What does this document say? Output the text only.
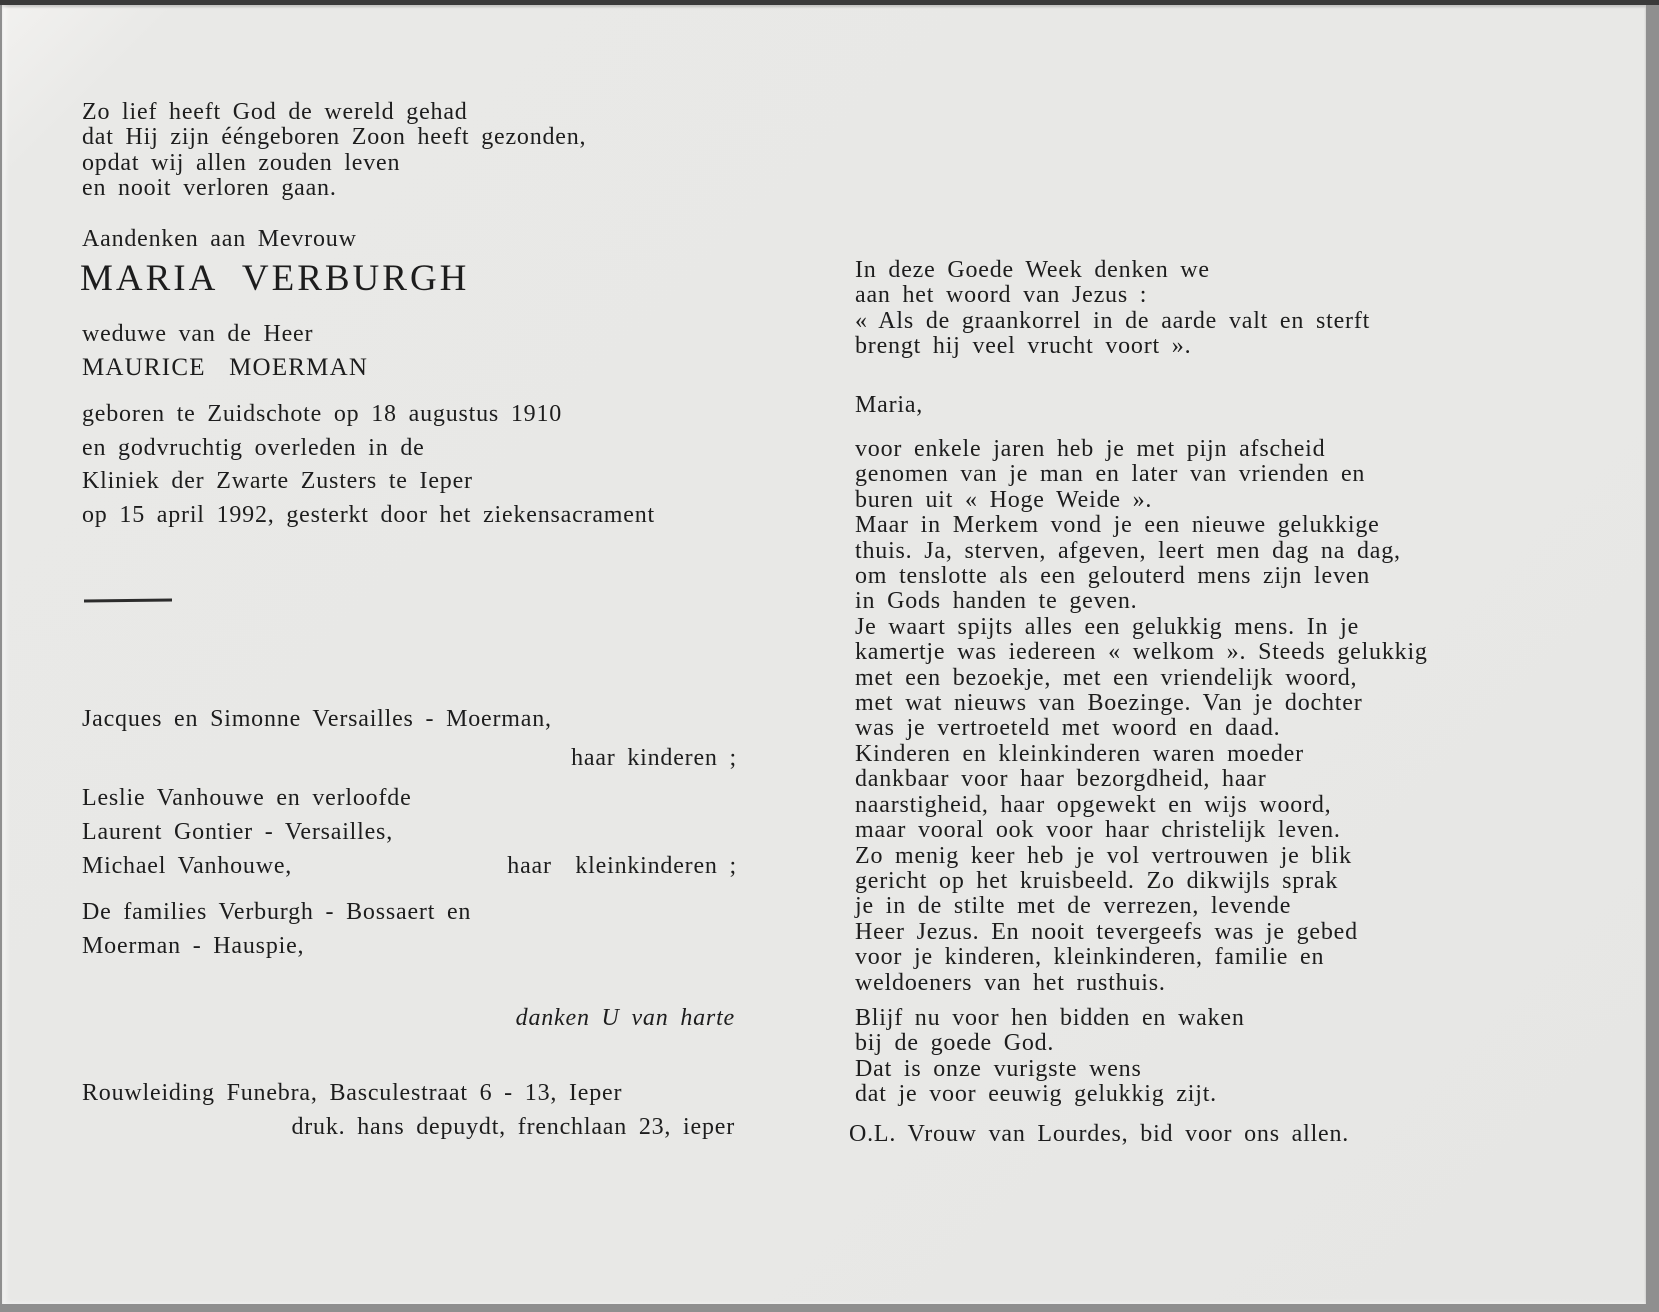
Zo lief heeft God de wereld gehad
dat Hij zijn ééngeboren Zoon heeft gezonden,
opdat wij allen zouden leven
en nooit verloren gaan.
Aandenken aan Mevrouw
MARIA VERBURGH
weduwe van de Heer
MAURICE MOERMAN
geboren te Zuidschote op 18 augustus 1910
en godvruchtig overleden in de
Kliniek der Zwarte Zusters te Ieper
op 15 april 1992, gesterkt door het ziekensacrament
Jacques en Simonne Versailles - Moerman,
haar kinderen ;
Leslie Vanhouwe en verloofde
Laurent Gontier - Versailles,
Michael Vanhouwe,	haar  kleinkinderen ;
De families Verburgh - Bossaert en
Moerman - Hauspie,
danken U van harte
Rouwleiding Funebra, Basculestraat 6 - 13, Ieper
druk. hans depuydt, frenchlaan 23, ieper
In deze Goede Week denken we
aan het woord van Jezus :
« Als de graankorrel in de aarde valt en sterft
brengt hij veel vrucht voort ».
Maria,
voor enkele jaren heb je met pijn afscheid
genomen van je man en later van vrienden en
buren uit « Hoge Weide ».
Maar in Merkem vond je een nieuwe gelukkige
thuis. Ja, sterven, afgeven, leert men dag na dag,
om tenslotte als een gelouterd mens zijn leven
in Gods handen te geven.
Je waart spijts alles een gelukkig mens. In je
kamertje was iedereen « welkom ». Steeds gelukkig
met een bezoekje, met een vriendelijk woord,
met wat nieuws van Boezinge. Van je dochter
was je vertroeteld met woord en daad.
Kinderen en kleinkinderen waren moeder
dankbaar voor haar bezorgdheid, haar
naarstigheid, haar opgewekt en wijs woord,
maar vooral ook voor haar christelijk leven.
Zo menig keer heb je vol vertrouwen je blik
gericht op het kruisbeeld. Zo dikwijls sprak
je in de stilte met de verrezen, levende
Heer Jezus. En nooit tevergeefs was je gebed
voor je kinderen, kleinkinderen, familie en
weldoeners van het rusthuis.
Blijf nu voor hen bidden en waken
bij de goede God.
Dat is onze vurigste wens
dat je voor eeuwig gelukkig zijt.
O.L. Vrouw van Lourdes, bid voor ons allen.
